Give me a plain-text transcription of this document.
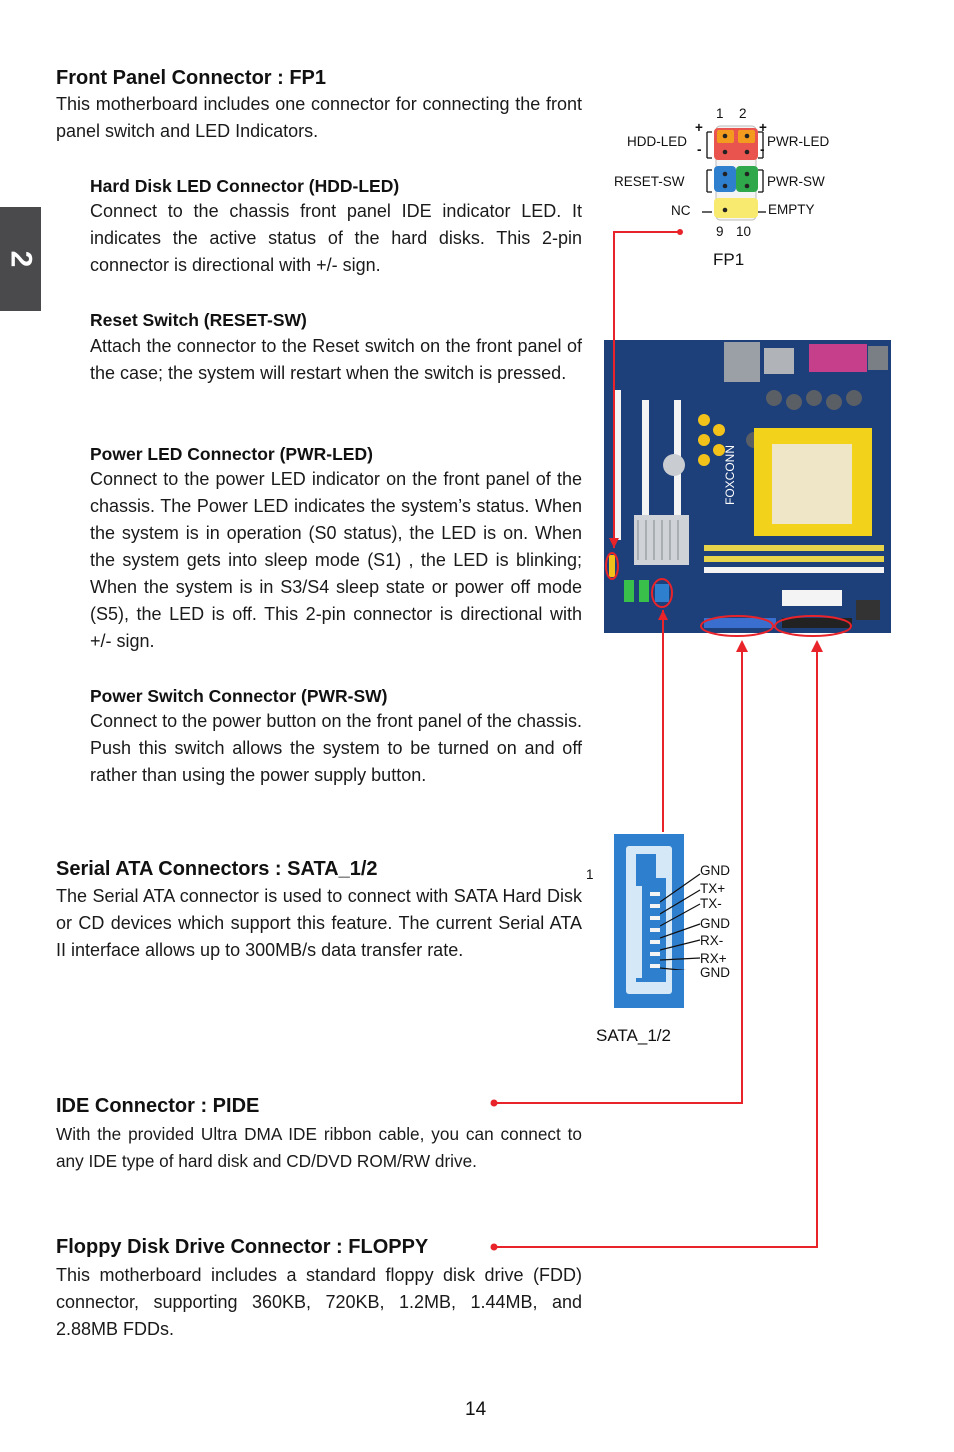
2
Front Panel Connector : FP1

This motherboard includes one connector for connecting the front panel switch and LED Indicators.

Hard Disk LED Connector (HDD-LED)

Connect to the chassis front panel IDE indicator LED. It indicates the active status of the hard disks. This 2-pin connector is directional with +/- sign.

Reset Switch (RESET-SW)

Attach the connector to the Reset switch on the front panel of the case; the system will restart when the switch is pressed.

Power LED Connector (PWR-LED)

Connect to the power LED indicator on the front panel of the chassis. The Power LED indicates the system’s status. When the system is in operation (S0 status), the LED is on. When the system gets into sleep mode (S1) , the LED is blinking; When the system is in S3/S4 sleep state or power off mode (S5), the LED is off. This 2-pin connector is directional with +/- sign.

Power Switch Connector (PWR-SW)

Connect to the power button on the front panel of the chassis. Push this switch allows the system to be turned on and off rather than using the power supply button.

Serial ATA Connectors : SATA_1/2

The Serial ATA connector is used to connect with SATA Hard Disk or CD devices which support this feature. The current Serial ATA II interface allows up to 300MB/s data transfer rate.

IDE Connector : PIDE

With the provided Ultra DMA IDE ribbon cable, you can connect to any IDE type of hard disk and CD/DVD ROM/RW drive.

Floppy Disk Drive Connector : FLOPPY

This motherboard includes a standard floppy disk drive (FDD) connector, supporting 360KB, 720KB, 1.2MB, 1.44MB, and 2.88MB FDDs.

14
1 2
HDD-LED	PWR-LED
RESET-SW	PWR-SW
NC	EMPTY
9 10
+
-
+
-
FP1
FOXCONN
1	GND
TX+
TX-
GND
RX-
RX+
GND
SATA_1/2
